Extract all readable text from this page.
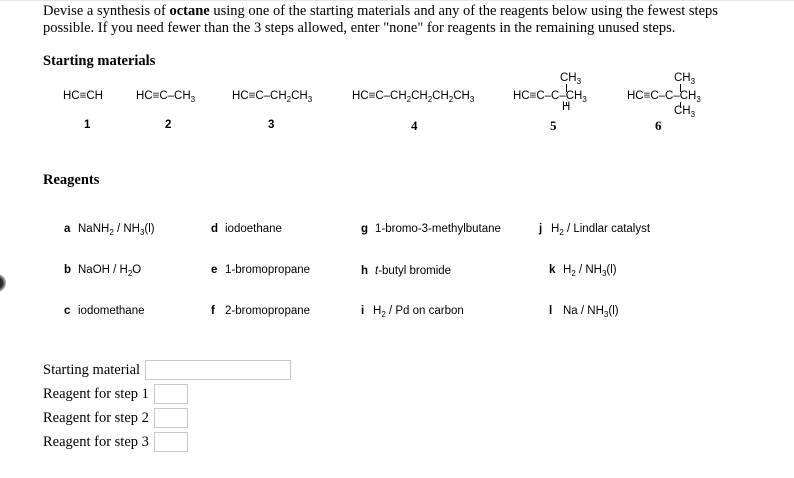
Devise a synthesis of octane using one of the starting materials and any of the reagents below using the fewest steps
possible. If you need fewer than the 3 steps allowed, enter "none" for reagents in the remaining unused steps.
Starting materials
HC≡CH
1
$HC\equiv C-CH_3$
2
$HC\equiv C-CH_2CH_3$
3
$HC\equiv C-CH_2CH_2CH_2CH_3$
4
$CH_3$
$HC\equiv C-C-CH_3$
H
5
$CH_3$
$HC\equiv C-C-CH_3$
$CH_3$
6
Reagents
a NaNH$_2$ / $NH_3(l)$
b NaOH / $H_2O$
c iodomethane
d iodoethane
e 1-bromopropane
f 2-bromopropane
g 1-bromo-3-methylbutane
h t-butyl bromide
i $H_2$ / Pd on carbon
j $H_2$ / Lindlar catalyst
k $H_2 / NH_3(l)$
l Na / $NH_3(l)$
Starting material
Reagent for step 1
Reagent for step 2
Reagent for step 3
